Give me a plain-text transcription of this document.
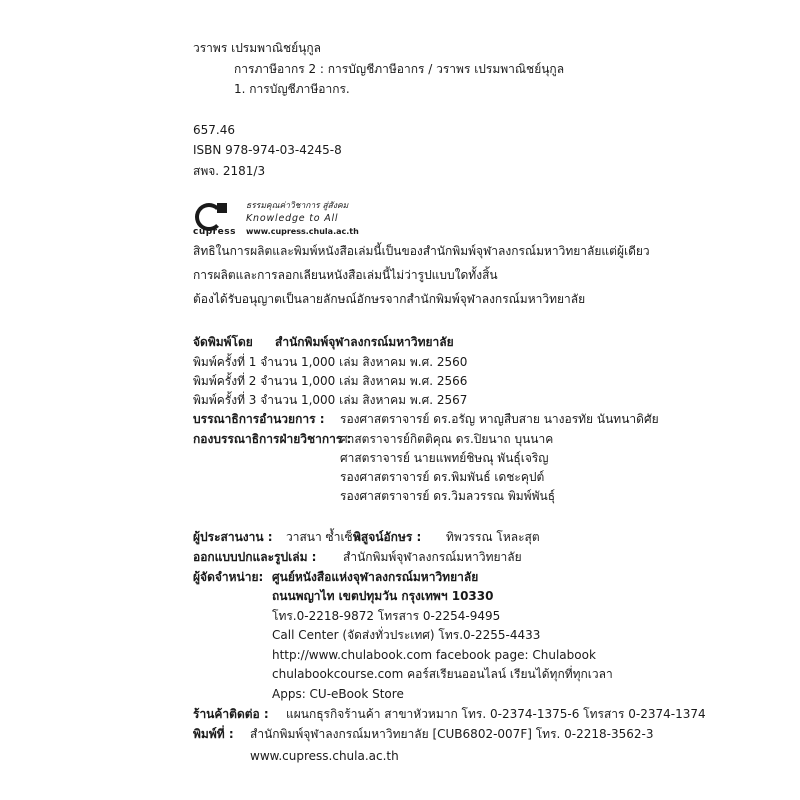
วราพร เปรมพาณิชย์นุกูล
การภาษีอากร 2 : การบัญชีภาษีอากร / วราพร เปรมพาณิชย์นุกูล
1. การบัญชีภาษีอากร.
657.46
ISBN 978-974-03-4245-8
สพจ. 2181/3
cupress
ธรรมคุณค่าวิชาการ สู่สังคม
Knowledge to All
www.cupress.chula.ac.th
สิทธิในการผลิตและพิมพ์หนังสือเล่มนี้เป็นของสำนักพิมพ์จุฬาลงกรณ์มหาวิทยาลัยแต่ผู้เดียว
การผลิตและการลอกเลียนหนังสือเล่มนี้ไม่ว่ารูปแบบใดทั้งสิ้น
ต้องได้รับอนุญาตเป็นลายลักษณ์อักษรจากสำนักพิมพ์จุฬาลงกรณ์มหาวิทยาลัย
จัดพิมพ์โดย สำนักพิมพ์จุฬาลงกรณ์มหาวิทยาลัย
พิมพ์ครั้งที่ 1 จำนวน 1,000 เล่ม สิงหาคม พ.ศ. 2560
พิมพ์ครั้งที่ 2 จำนวน 1,000 เล่ม สิงหาคม พ.ศ. 2566
พิมพ์ครั้งที่ 3 จำนวน 1,000 เล่ม สิงหาคม พ.ศ. 2567
บรรณาธิการอำนวยการ : รองศาสตราจารย์ ดร.อรัญ หาญสืบสาย นางอรทัย นันทนาดิศัย
กองบรรณาธิการฝ่ายวิชาการ :
ศาสตราจารย์กิตติคุณ ดร.ปิยนาถ บุนนาค
ศาสตราจารย์ นายแพทย์ชิษณุ พันธุ์เจริญ
รองศาสตราจารย์ ดร.พิมพันธ์ เดชะคุปต์
รองศาสตราจารย์ ดร.วิมลวรรณ พิมพ์พันธุ์
ผู้ประสานงาน : วาสนา ซ้ำเซ็น
พิสูจน์อักษร : ทิพวรรณ โหละสุต
ออกแบบปกและรูปเล่ม : สำนักพิมพ์จุฬาลงกรณ์มหาวิทยาลัย
ผู้จัดจำหน่าย: ศูนย์หนังสือแห่งจุฬาลงกรณ์มหาวิทยาลัย
ถนนพญาไท เขตปทุมวัน กรุงเทพฯ 10330
โทร.0-2218-9872 โทรสาร 0-2254-9495
Call Center (จัดส่งทั่วประเทศ) โทร.0-2255-4433
http://www.chulabook.com facebook page: Chulabook
chulabookcourse.com คอร์สเรียนออนไลน์ เรียนได้ทุกที่ทุกเวลา
Apps: CU-eBook Store
ร้านค้าติดต่อ : แผนกธุรกิจร้านค้า สาขาหัวหมาก โทร. 0-2374-1375-6 โทรสาร 0-2374-1374
พิมพ์ที่ : สำนักพิมพ์จุฬาลงกรณ์มหาวิทยาลัย [CUB6802-007F] โทร. 0-2218-3562-3
www.cupress.chula.ac.th
